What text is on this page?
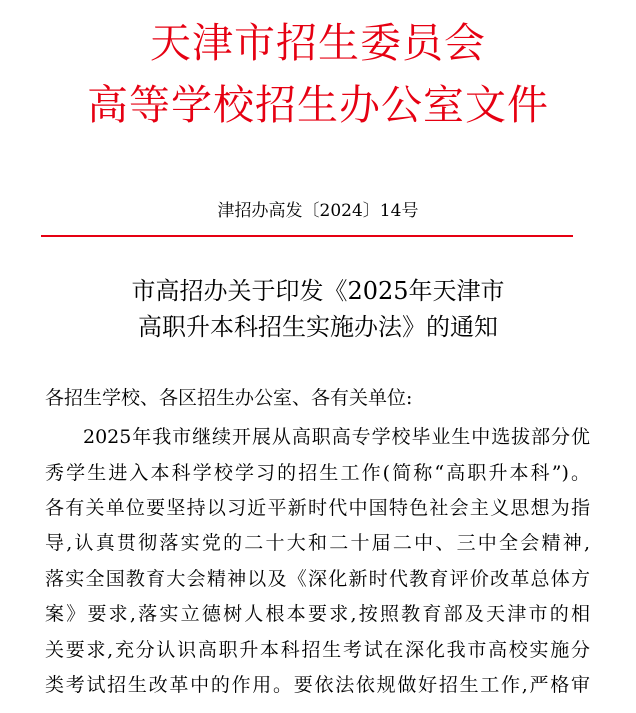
天津市招生委员会
高等学校招生办公室文件
津招办高发〔2024〕14号
市高招办关于印发《2025年天津市
高职升本科招生实施办法》的通知
各招生学校、各区招生办公室、各有关单位:
2025年我市继续开展从高职高专学校毕业生中选拔部分优
秀学生进入本科学校学习的招生工作(简称“高职升本科”)。
各有关单位要坚持以习近平新时代中国特色社会主义思想为指
导,认真贯彻落实党的二十大和二十届二中、三中全会精神,
落实全国教育大会精神以及《深化新时代教育评价改革总体方
案》要求,落实立德树人根本要求,按照教育部及天津市的相
关要求,充分认识高职升本科招生考试在深化我市高校实施分
类考试招生改革中的作用。要依法依规做好招生工作,严格审
